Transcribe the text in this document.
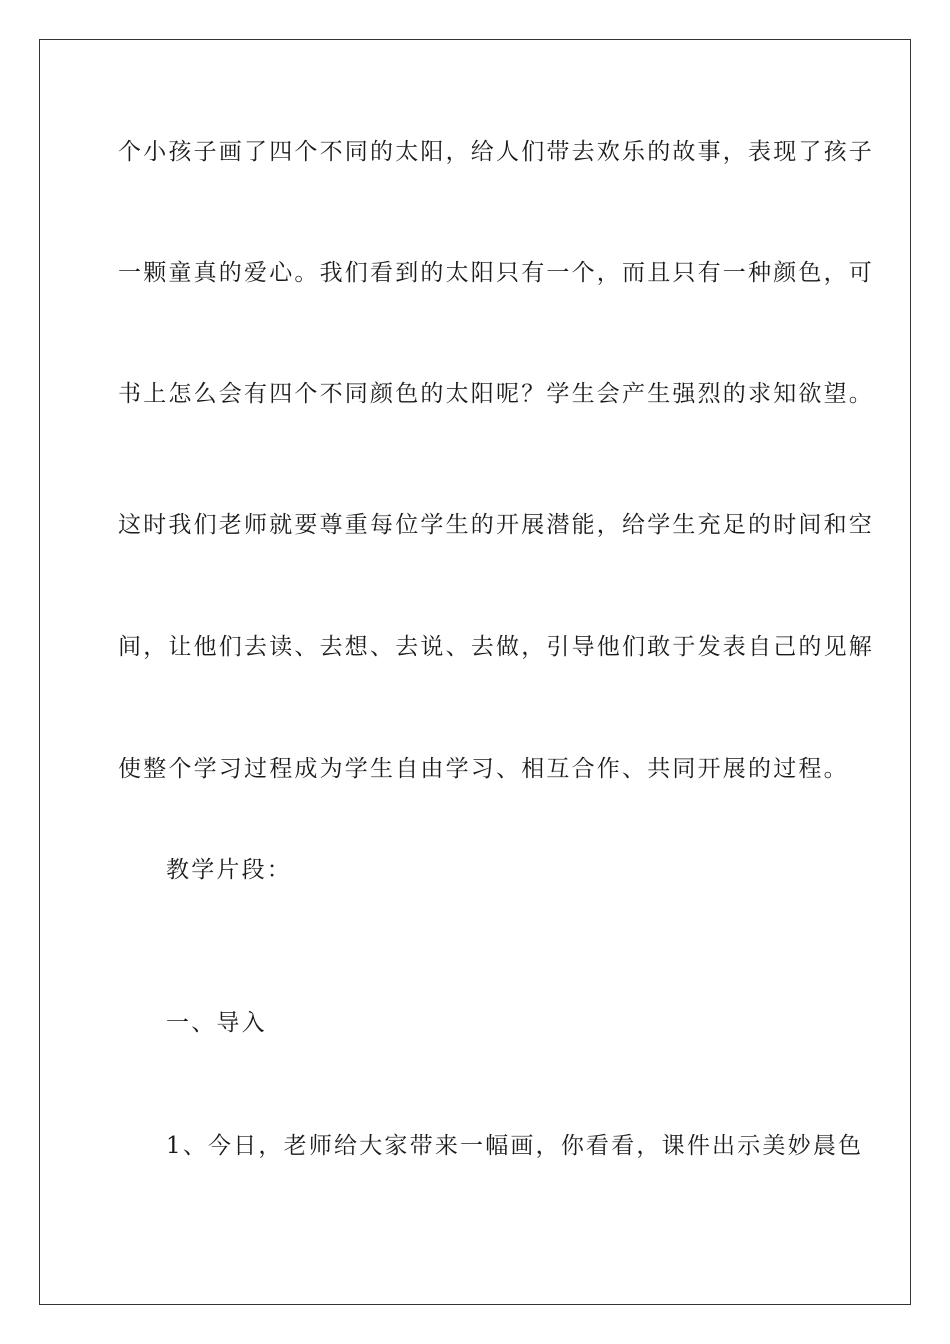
个小孩子画了四个不同的太阳，给人们带去欢乐的故事，表现了孩子
一颗童真的爱心。我们看到的太阳只有一个，而且只有一种颜色，可
书上怎么会有四个不同颜色的太阳呢？学生会产生强烈的求知欲望。
这时我们老师就要尊重每位学生的开展潜能，给学生充足的时间和空
间，让他们去读、去想、去说、去做，引导他们敢于发表自己的见解
使整个学习过程成为学生自由学习、相互合作、共同开展的过程。
教学片段：
一、导入
1、今日，老师给大家带来一幅画，你看看，课件出示美妙晨色
